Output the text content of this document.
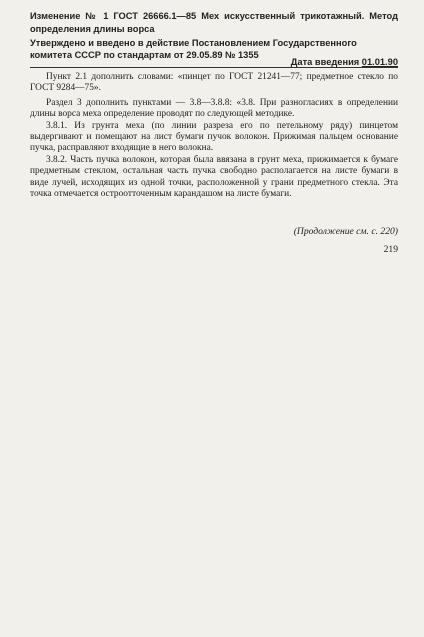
Изменение № 1 ГОСТ 26666.1—85 Мех искусственный трикотажный. Метод определения длины ворса
Утверждено и введено в действие Постановлением Государственного комитета СССР по стандартам от 29.05.89 № 1355
Дата введения 01.01.90

Пункт 2.1 дополнить словами: «пинцет по ГОСТ 21241—77; предметное стекло по ГОСТ 9284—75».

Раздел 3 дополнить пунктами — 3.8—3.8.8: «3.8. При разногласиях в определении длины ворса меха определение проводят по следующей методике.

3.8.1. Из грунта меха (по линии разреза его по петельному ряду) пинцетом выдергивают и помещают на лист бумаги пучок волокон. Прижимая пальцем основание пучка, расправляют входящие в него волокна.

3.8.2. Часть пучка волокон, которая была ввязана в грунт меха, прижимается к бумаге предметным стеклом, остальная часть пучка свободно располагается на листе бумаги в виде лучей, исходящих из одной точки, расположенной у грани предметного стекла. Эта точка отмечается остроотточенным карандашом на листе бумаги.

(Продолжение см. с. 220)
219
